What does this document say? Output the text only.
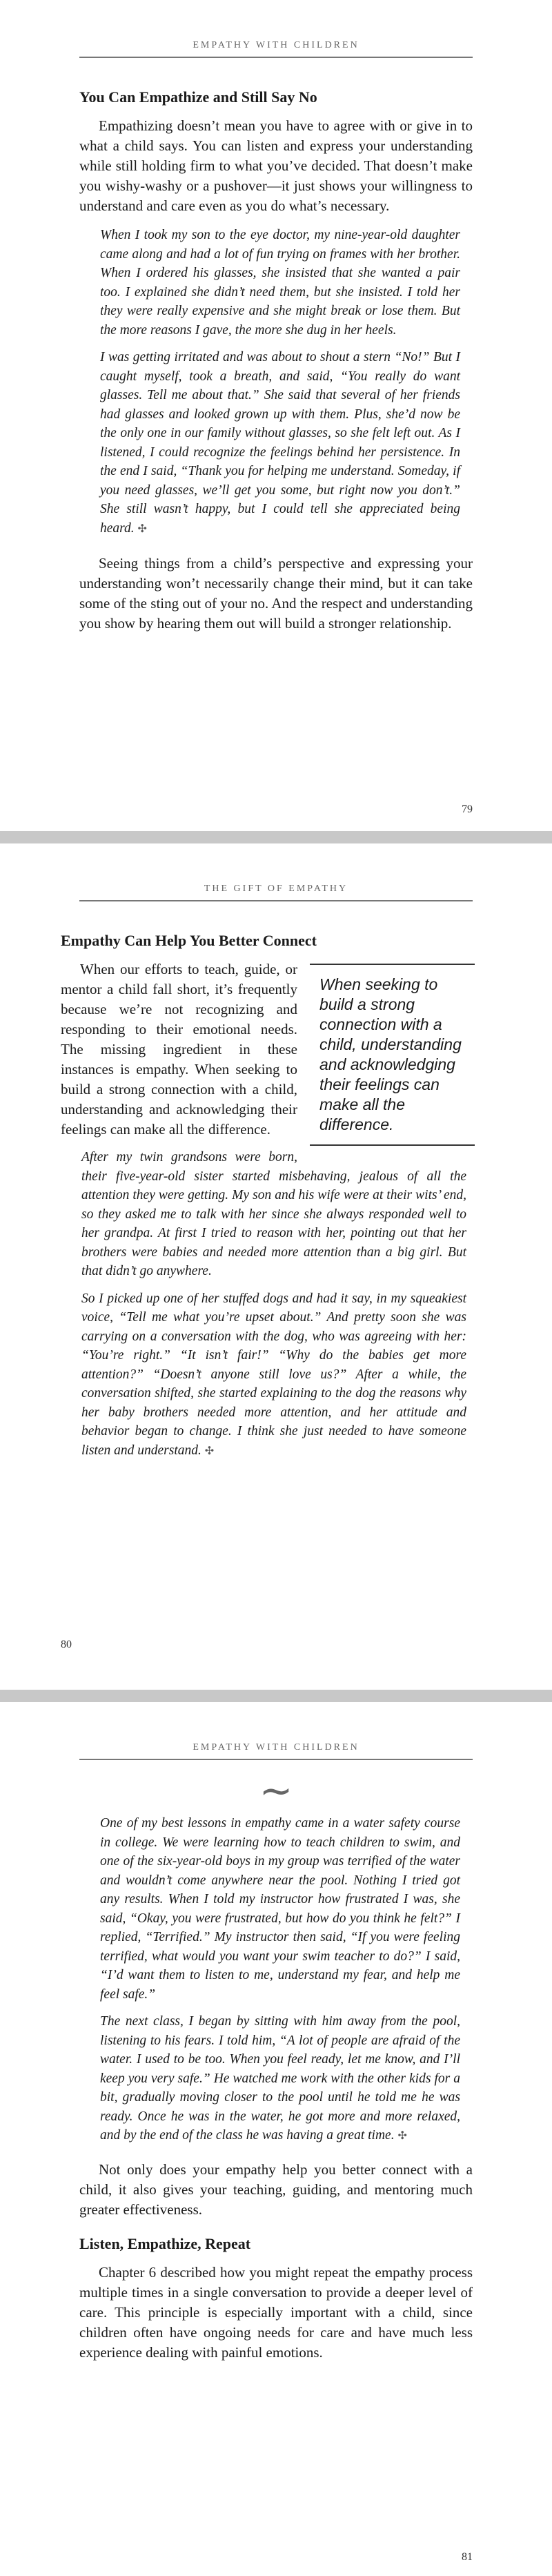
EMPATHY WITH CHILDREN
You Can Empathize and Still Say No

Empathizing doesn’t mean you have to agree with or give in to what a child says. You can listen and express your understanding while still holding firm to what you’ve decided. That doesn’t make you wishy-washy or a pushover—it just shows your willingness to understand and care even as you do what’s necessary.

When I took my son to the eye doctor, my nine-year-old daughter came along and had a lot of fun trying on frames with her brother. When I ordered his glasses, she insisted that she wanted a pair too. I explained she didn’t need them, but she insisted. I told her they were really expensive and she might break or lose them. But the more reasons I gave, the more she dug in her heels.

I was getting irritated and was about to shout a stern “No!” But I caught myself, took a breath, and said, “You really do want glasses. Tell me about that.” She said that several of her friends had glasses and looked grown up with them. Plus, she’d now be the only one in our family without glasses, so she felt left out. As I listened, I could recognize the feelings behind her persistence. In the end I said, “Thank you for helping me understand. Someday, if you need glasses, we’ll get you some, but right now you don’t.” She still wasn’t happy, but I could tell she appreciated being heard. ✣

Seeing things from a child’s perspective and expressing your understanding won’t necessarily change their mind, but it can take some of the sting out of your no. And the respect and understanding you show by hearing them out will build a stronger relationship.

79
THE GIFT OF EMPATHY
Empathy Can Help You Better Connect
When seeking to build a strong connection with a child, understanding and acknowledging their feelings can make all the difference.

When our efforts to teach, guide, or mentor a child fall short, it’s frequently because we’re not recognizing and responding to their emotional needs. The missing ingredient in these instances is empathy. When seeking to build a strong connection with a child, understanding and acknowledging their feelings can make all the difference.

After my twin grandsons were born, their five-year-old sister started misbehaving, jealous of all the attention they were getting. My son and his wife were at their wits’ end, so they asked me to talk with her since she always responded well to her grandpa. At first I tried to reason with her, pointing out that her brothers were babies and needed more attention than a big girl. But that didn’t go anywhere.

So I picked up one of her stuffed dogs and had it say, in my squeakiest voice, “Tell me what you’re upset about.” And pretty soon she was carrying on a conversation with the dog, who was agreeing with her: “You’re right.” “It isn’t fair!” “Why do the babies get more attention?” “Doesn’t anyone still love us?” After a while, the conversation shifted, she started explaining to the dog the reasons why her baby brothers needed more attention, and her attitude and behavior began to change. I think she just needed to have someone listen and understand. ✣

80
EMPATHY WITH CHILDREN
~

One of my best lessons in empathy came in a water safety course in college. We were learning how to teach children to swim, and one of the six-year-old boys in my group was terrified of the water and wouldn’t come anywhere near the pool. Nothing I tried got any results. When I told my instructor how frustrated I was, she said, “Okay, you were frustrated, but how do you think he felt?” I replied, “Terrified.” My instructor then said, “If you were feeling terrified, what would you want your swim teacher to do?” I said, “I’d want them to listen to me, understand my fear, and help me feel safe.”

The next class, I began by sitting with him away from the pool, listening to his fears. I told him, “A lot of people are afraid of the water. I used to be too. When you feel ready, let me know, and I’ll keep you very safe.” He watched me work with the other kids for a bit, gradually moving closer to the pool until he told me he was ready. Once he was in the water, he got more and more relaxed, and by the end of the class he was having a great time. ✣

Not only does your empathy help you better connect with a child, it also gives your teaching, guiding, and mentoring much greater effectiveness.

Listen, Empathize, Repeat

Chapter 6 described how you might repeat the empathy process multiple times in a single conversation to provide a deeper level of care. This principle is especially important with a child, since children often have ongoing needs for care and have much less experience dealing with painful emotions.

81
